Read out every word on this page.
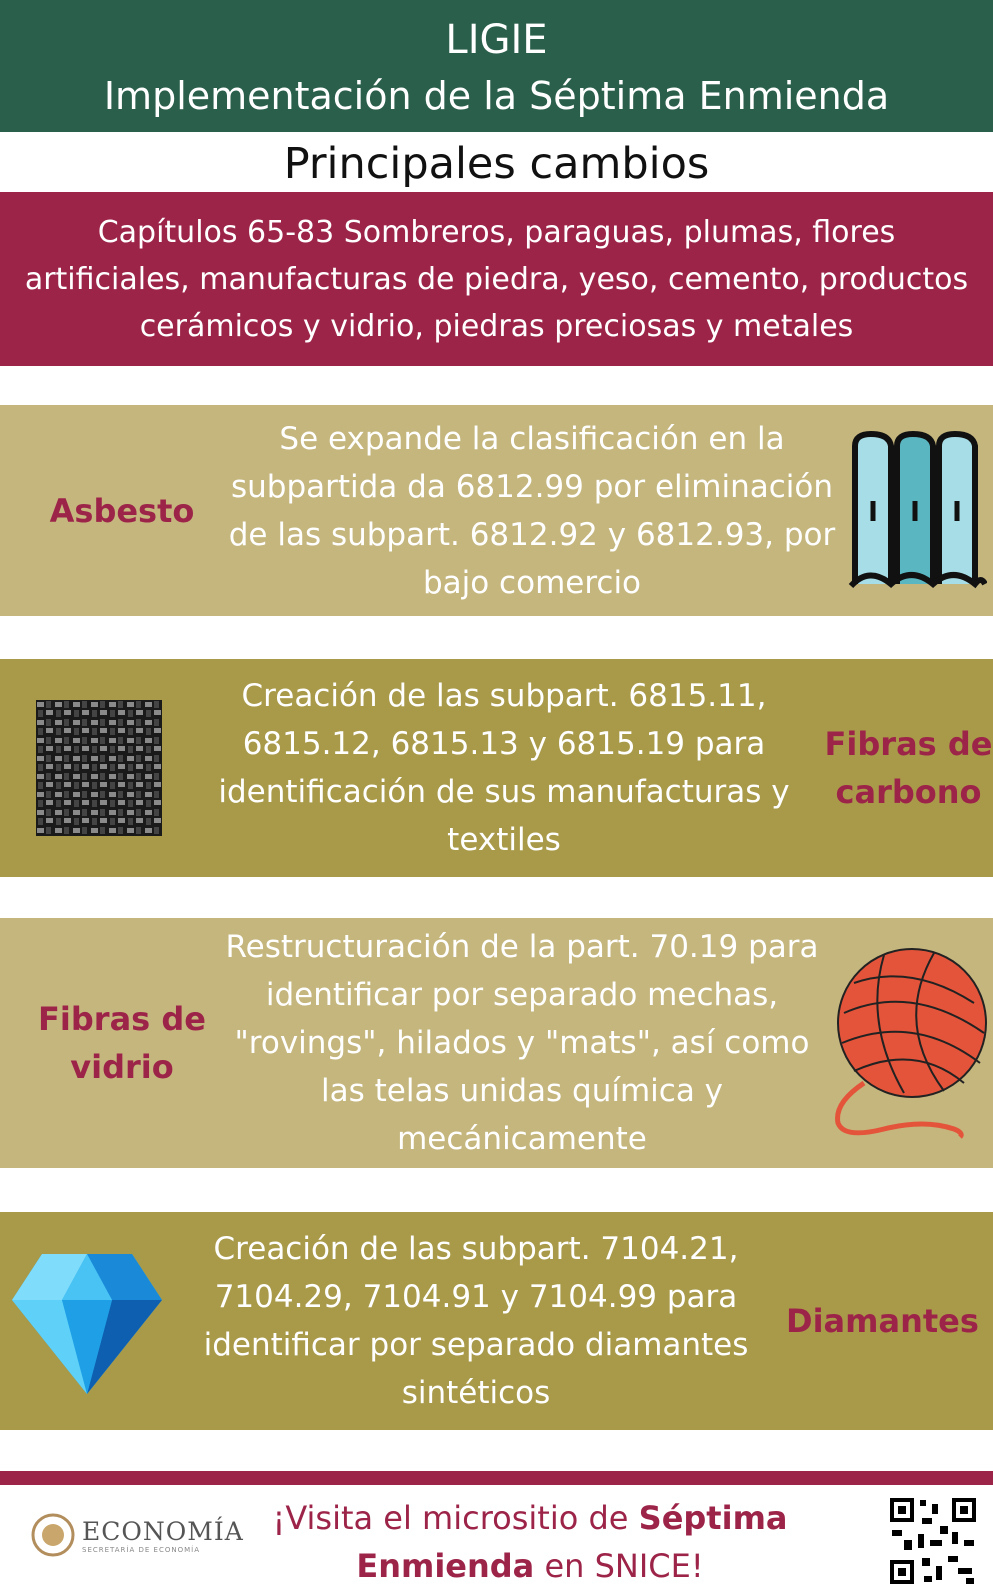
LIGIE
Implementación de la Séptima Enmienda
Principales cambios

Capítulos 65-83 Sombreros, paraguas, plumas, flores artificiales, manufacturas de piedra, yeso, cemento, productos cerámicos y vidrio, piedras preciosas y metales

Asbesto
Se expande la clasificación en la subpartida da 6812.99 por eliminación de las subpart. 6812.92 y 6812.93, por bajo comercio
Creación de las subpart. 6815.11, 6815.12, 6815.13 y 6815.19 para identificación de sus manufacturas y textiles
Fibras de carbono
Fibras de vidrio
Restructuración de la part. 70.19 para identificar por separado mechas, "rovings", hilados y "mats", así como las telas unidas química y mecánicamente
Creación de las subpart. 7104.21, 7104.29, 7104.91 y 7104.99 para identificar por separado diamantes sintéticos
Diamantes
ECONOMÍA
SECRETARÍA DE ECONOMÍA
¡Visita el micrositio de Séptima Enmienda en SNICE!
